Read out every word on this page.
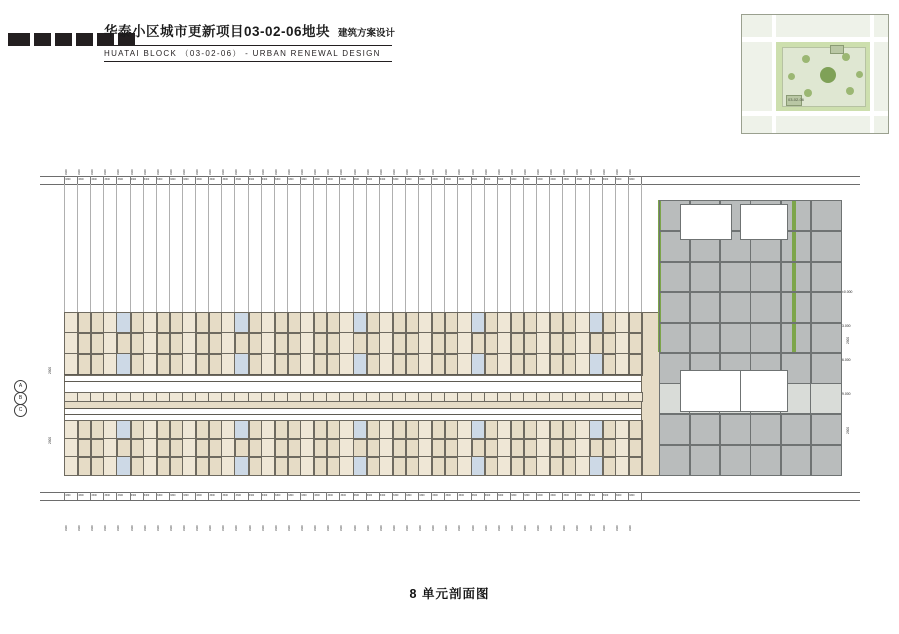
华泰小区城市更新项目03-02-06地块 建筑方案设计
HUATAI BLOCK （03-02-06） - URBAN RENEWAL DESIGN
03-02-06
3300
3300
3300
3300
3300
3300
3300
3300
3300
3300
3300
3300
3300
3300
3300
3300
3300
3300
3300
3300
3300
3300
3300
3300
3300
3300
3300
3300
3300
3300
3300
3300
3300
3300
3300
3300
3300
3300
3300
3300
3300
3300
3300
3300
3300
3300
3300
3300
3300
3300
3300
3300
3300
3300
3300
3300
3300
3300
3300
3300
3300
3300
3300
3300
3300
3300
3300
3300
3300
3300
3300
3300
3300
3300
3300
3300
3300
3300
3300
3300
3300
3300
3300
3300
3300
3300
3300
3300
±0.000
3.000
6.000
9.000
3300
3300
3300
3300
3300
3300
3300
3300
3300
3300
3300
3300
3300
3300
3300
3300
3300
3300
3300
3300
3300
3300
3300
3300
3300
3300
3300
3300
3300
3300
3300
3300
3300
3300
3300
3300
3300
3300
3300
3300
3300
3300
3300
3300
3300
3300
3300
3300
3300
3300
3300
3300
3300
3300
3300
3300
3300
3300
3300
3300
3300
3300
3300
3300
3300
3300
3300
3300
3300
3300
3300
3300
3300
3300
3300
3300
3300
3300
3300
3300
3300
3300
3300
3300
3300
3300
3300
3300
A
B
C
2900
2900
2900
2900
8 单元剖面图
